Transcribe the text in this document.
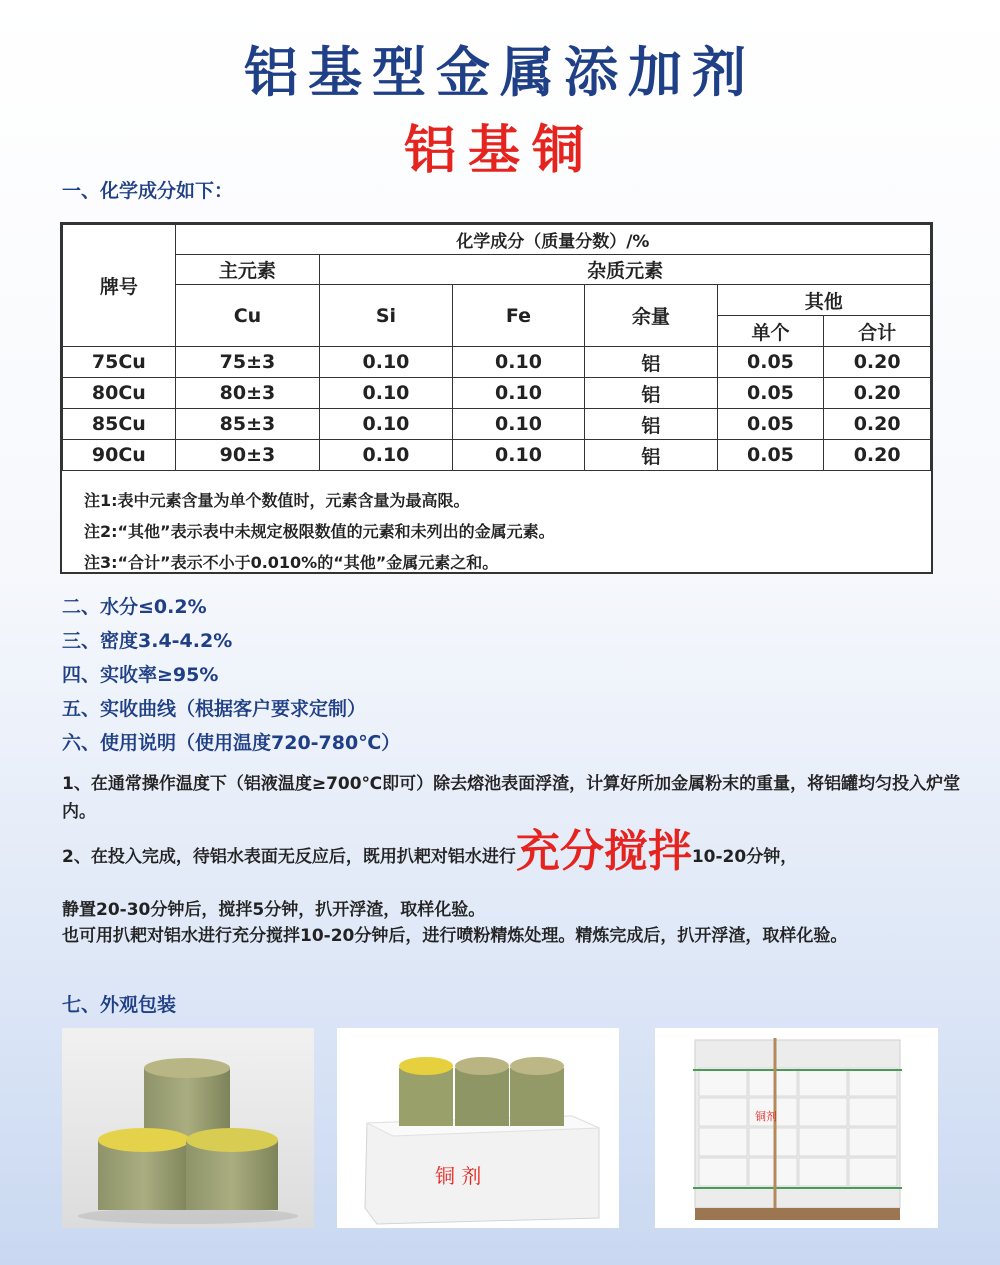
铝基型金属添加剂
铝基铜
一、化学成分如下：
牌号	化学成分（质量分数）/%					
	主元素	杂质元素				
	Cu	Si	Fe	余量	其他	
					单个	合计
75Cu	75±3	0.10	0.10	铝	0.05	0.20
80Cu	80±3	0.10	0.10	铝	0.05	0.20
85Cu	85±3	0.10	0.10	铝	0.05	0.20
90Cu	90±3	0.10	0.10	铝	0.05	0.20
注1:表中元素含量为单个数值时，元素含量为最高限。
注2:“其他”表示表中未规定极限数值的元素和未列出的金属元素。
注3:“合计”表示不小于0.010%的“其他”金属元素之和。
二、水分≤0.2%
三、密度3.4-4.2%
四、实收率≥95%
五、实收曲线（根据客户要求定制）
六、使用说明（使用温度720-780℃）
1、在通常操作温度下（铝液温度≥700℃即可）除去熔池表面浮渣，计算好所加金属粉末的重量，将铝罐均匀投入炉堂内。
2、在投入完成，待铝水表面无反应后，既用扒耙对铝水进行充分搅拌10-20分钟，
静置20-30分钟后，搅拌5分钟，扒开浮渣，取样化验。
也可用扒耙对铝水进行充分搅拌10-20分钟后，进行喷粉精炼处理。精炼完成后，扒开浮渣，取样化验。
七、外观包装
铜 剂
铜剂
